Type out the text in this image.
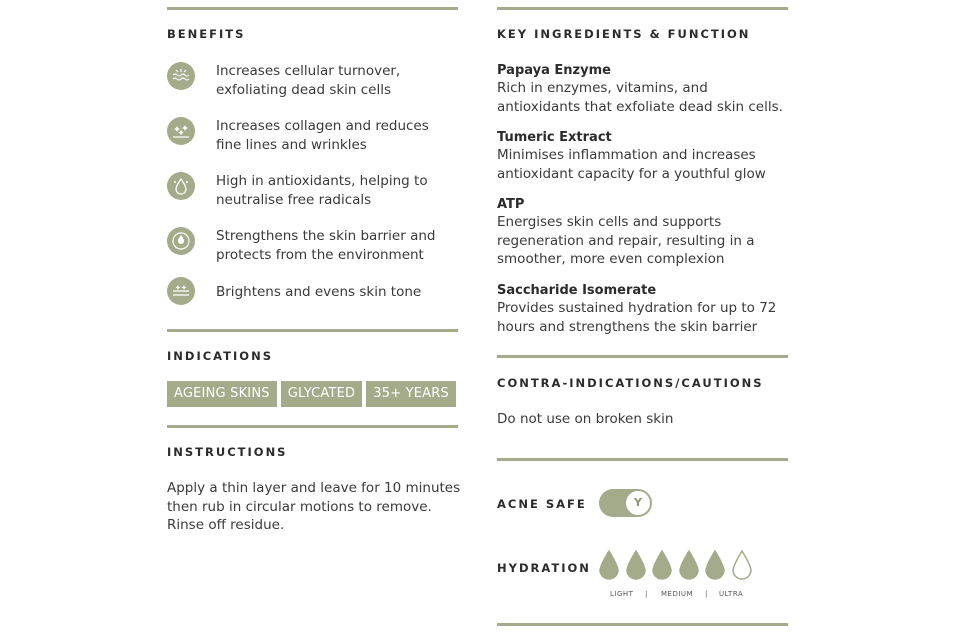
BENEFITS
Increases cellular turnover,
exfoliating dead skin cells
Increases collagen and reduces
fine lines and wrinkles
High in antioxidants, helping to
neutralise free radicals
Strengthens the skin barrier and
protects from the environment
Brightens and evens skin tone
INDICATIONS
AGEING SKINS GLYCATED 35+ YEARS
INSTRUCTIONS
Apply a thin layer and leave for 10 minutes
then rub in circular motions to remove.
Rinse off residue.
KEY INGREDIENTS & FUNCTION
Papaya Enzyme
Rich in enzymes, vitamins, and
antioxidants that exfoliate dead skin cells.
Tumeric Extract
Minimises inflammation and increases
antioxidant capacity for a youthful glow
ATP
Energises skin cells and supports
regeneration and repair, resulting in a
smoother, more even complexion
Saccharide Isomerate
Provides sustained hydration for up to 72
hours and strengthens the skin barrier
CONTRA-INDICATIONS/CAUTIONS
Do not use on broken skin
ACNE SAFE	Y
HYDRATION
LIGHT | MEDIUM | ULTRA
